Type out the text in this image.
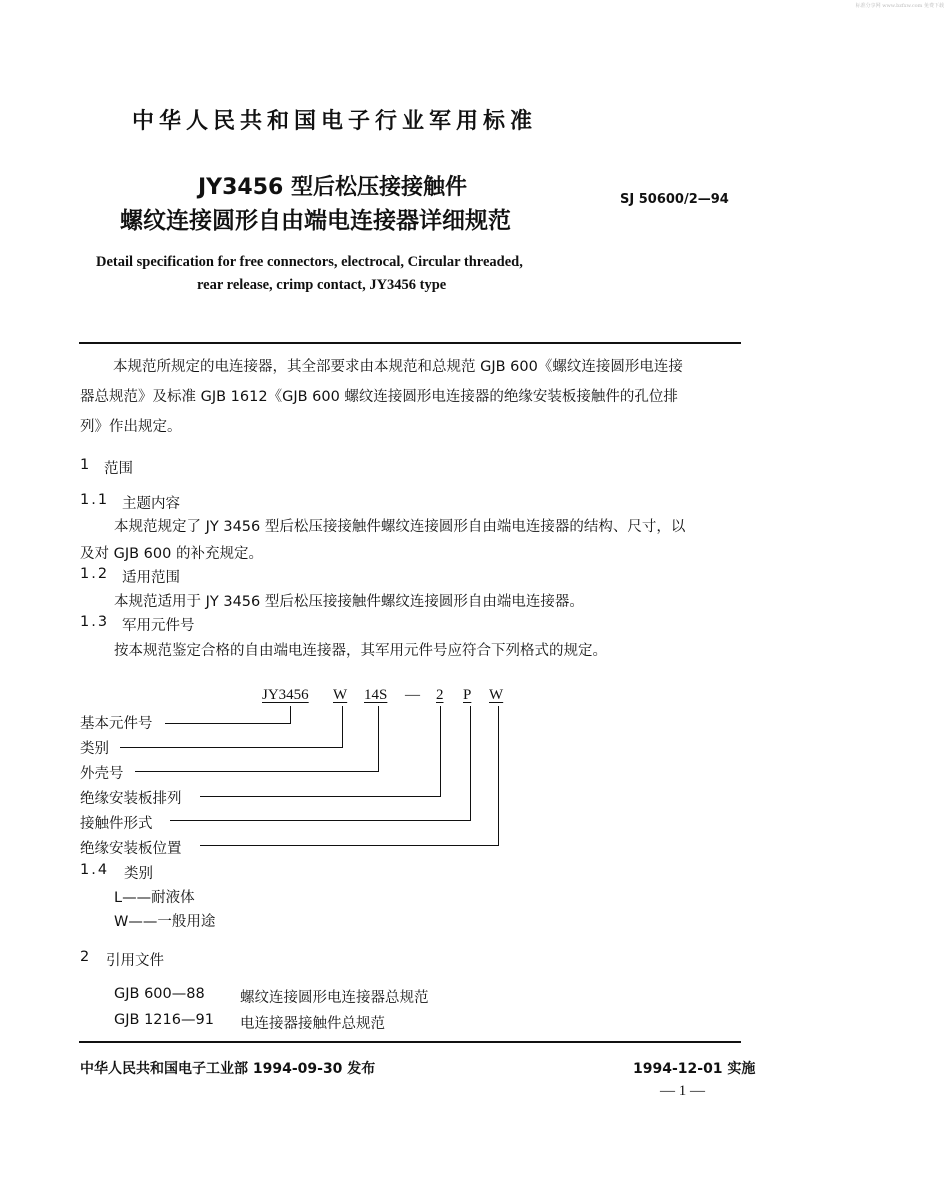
标准分享网 www.bzfxw.com 免费下载
中华人民共和国电子行业军用标准
JY3456 型后松压接接触件
螺纹连接圆形自由端电连接器详细规范
SJ 50600/2—94
Detail specification for free connectors, electrocal, Circular threaded,
rear release, crimp contact, JY3456 type
本规范所规定的电连接器，其全部要求由本规范和总规范 GJB 600《螺纹连接圆形电连接
器总规范》及标准 GJB 1612《GJB 600 螺纹连接圆形电连接器的绝缘安装板接触件的孔位排
列》作出规定。
1 范围
1.1 主题内容
本规范规定了 JY 3456 型后松压接接触件螺纹连接圆形自由端电连接器的结构、尺寸，以
及对 GJB 600 的补充规定。
1.2 适用范围
本规范适用于 JY 3456 型后松压接接触件螺纹连接圆形自由端电连接器。
1.3 军用元件号
按本规范鉴定合格的自由端电连接器，其军用元件号应符合下列格式的规定。
JY3456 W 14S — 2 P W
基本元件号
类别
外壳号
绝缘安装板排列
接触件形式
绝缘安装板位置
1.4 类别
L——耐液体
W——一般用途
2 引用文件
GJB 600—88 螺纹连接圆形电连接器总规范
GJB 1216—91 电连接器接触件总规范
中华人民共和国电子工业部 1994-09-30 发布	1994-12-01 实施
— 1 —
